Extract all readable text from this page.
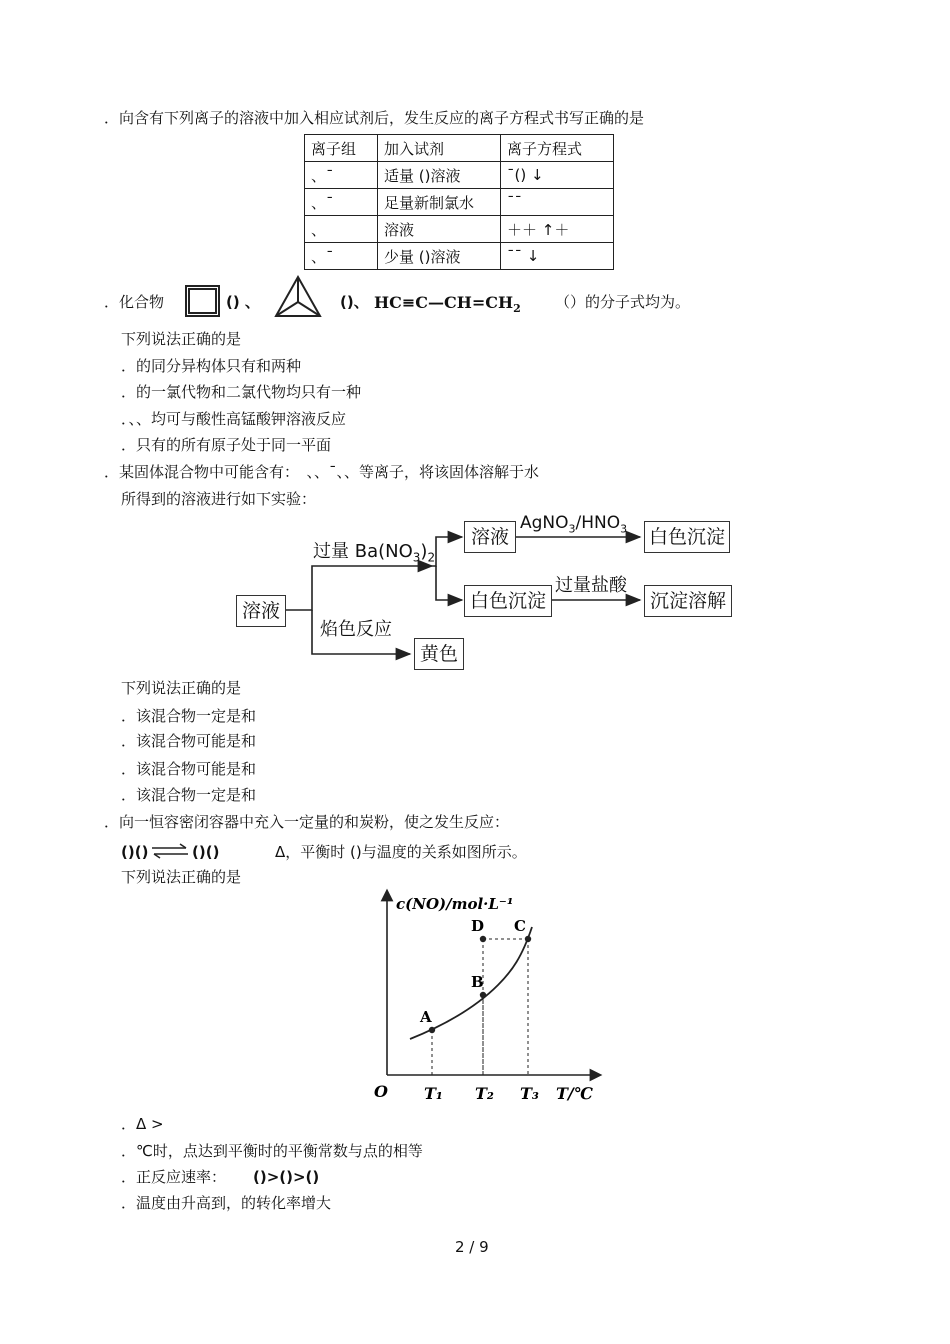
．向含有下列离子的溶液中加入相应试剂后，发生反应的离子方程式书写正确的是
离子组	加入试剂	离子方程式
、ˉ	适量 ()溶液	ˉ() ↓
、ˉ	足量新制氯水	ˉˉ
、	溶液	＋＋ ↑＋
、ˉ	少量 ()溶液	ˉˉ ↓
．化合物	() 、	()、 $HC\equiv C—CH=CH_2$ （）的分子式均为。
下列说法正确的是
．的同分异构体只有和两种
．的一氯代物和二氯代物均只有一种
．、、均可与酸性高锰酸钾溶液反应
．只有的所有原子处于同一平面
．某固体混合物中可能含有：　、、ˉ、、等离子，将该固体溶解于水
所得到的溶液进行如下实验：
溶液
溶液	白色沉淀
白色沉淀	沉淀溶解
黄色
过量 $Ba(NO_3)_2$
$AgNO_3/HNO_3$
过量盐酸
焰色反应
下列说法正确的是
．该混合物一定是和
．该混合物可能是和
．该混合物可能是和
．该混合物一定是和
．向一恒容密闭容器中充入一定量的和炭粉，使之发生反应：
()() ⇌ ()()	Δ，平衡时 ()与温度的关系如图所示。
下列说法正确的是
c(NO)/mol·L⁻¹
O	T/℃
T₁ T₂ T₃
A
B
C
D
．Δ >
．℃时，点达到平衡时的平衡常数与点的相等
．正反应速率： ()>()>()
．温度由升高到，的转化率增大
2 / 9
